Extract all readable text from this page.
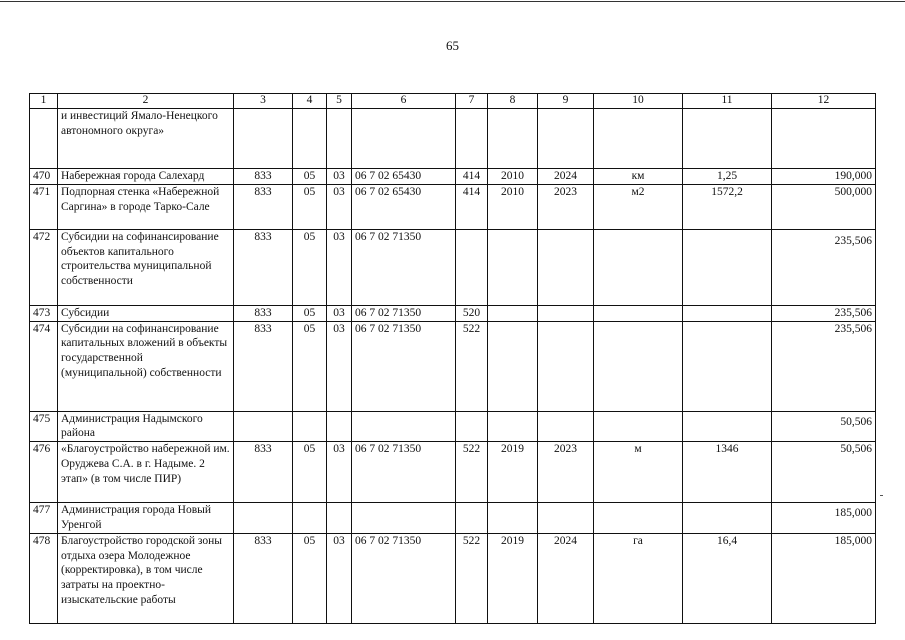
65
1	2	3	4	5	6	7	8	9	10	11	12
	и инвестиций Ямало-Ненецкого автономного округа»										
470	Набережная города Салехард	833	05	03	06 7 02 65430	414	2010	2024	км	1,25	190,000
471	Подпорная стенка «Набережной Саргина» в городе Тарко-Сале	833	05	03	06 7 02 65430	414	2010	2023	м2	1572,2	500,000
472	Субсидии на софинансирование объектов капитального строительства муниципальной собственности	833	05	03	06 7 02 71350						235,506
473	Субсидии	833	05	03	06 7 02 71350	520					235,506
474	Субсидии на софинансирование капитальных вложений в объекты государственной (муниципальной) собственности	833	05	03	06 7 02 71350	522					235,506
475	Администрация Надымского района										50,506
476	«Благоустройство набережной им. Оруджева С.А. в г. Надыме. 2 этап» (в том числе ПИР)	833	05	03	06 7 02 71350	522	2019	2023	м	1346	50,506
477	Администрация города Новый Уренгой										185,000
478	Благоустройство городской зоны отдыха озера Молодежное (корректировка), в том числе затраты на проектно-изыскательские работы	833	05	03	06 7 02 71350	522	2019	2024	га	16,4	185,000
